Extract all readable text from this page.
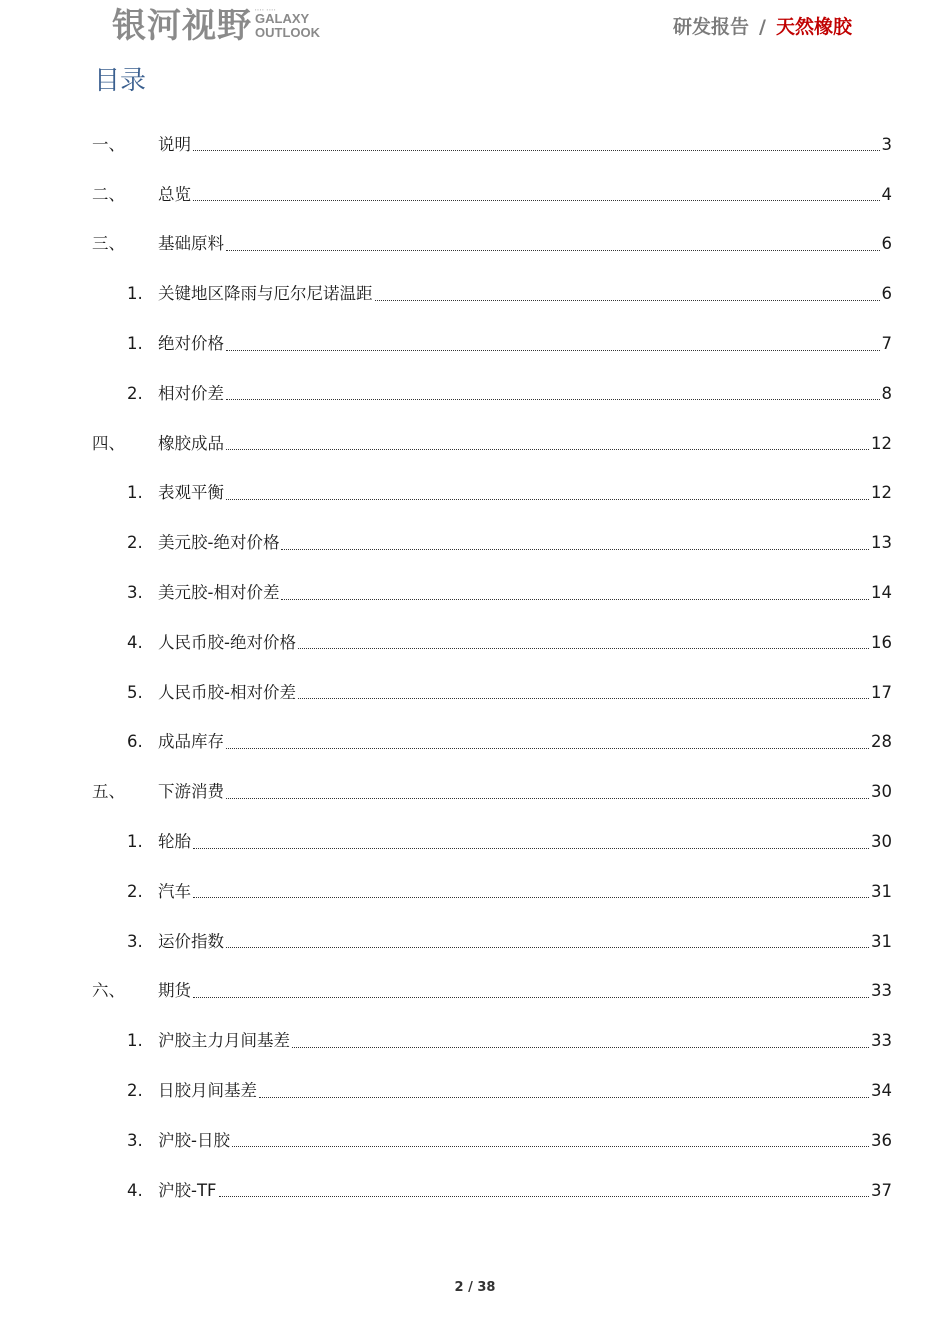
银河视野 ▪▪▪▪ ▪▪▪▪
GALAXY
OUTLOOK	研发报告 / 天然橡胶
目录
一、	说明	3
二、	总览	4
三、	基础原料	6
1. 关键地区降雨与厄尔尼诺温距	6
1. 绝对价格	7
2. 相对价差	8
四、	橡胶成品	12
1. 表观平衡	12
2. 美元胶-绝对价格	13
3. 美元胶-相对价差	14
4. 人民币胶-绝对价格	16
5. 人民币胶-相对价差	17
6. 成品库存	28
五、	下游消费	30
1. 轮胎	30
2. 汽车	31
3. 运价指数	31
六、	期货	33
1. 沪胶主力月间基差	33
2. 日胶月间基差	34
3. 沪胶-日胶	36
4. 沪胶-TF	37
2 / 38
